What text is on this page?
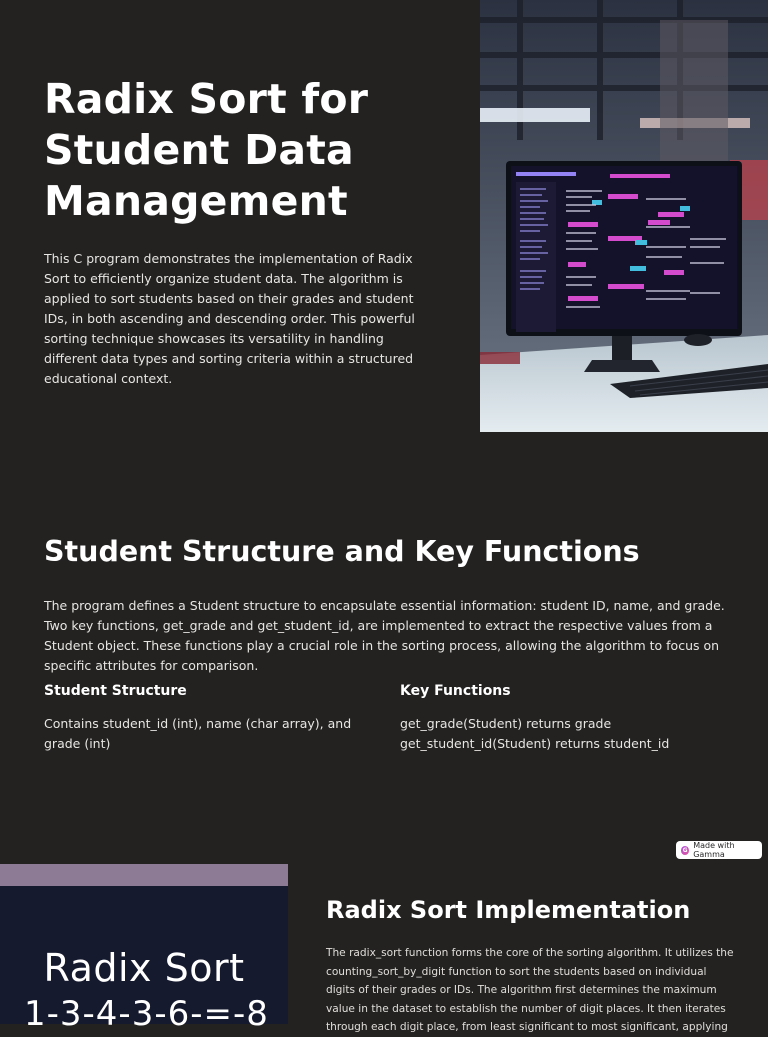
Radix Sort for Student Data Management

This C program demonstrates the implementation of Radix Sort to efficiently organize student data. The algorithm is applied to sort students based on their grades and student IDs, in both ascending and descending order. This powerful sorting technique showcases its versatility in handling different data types and sorting criteria within a structured educational context.

Student Structure and Key Functions

The program defines a Student structure to encapsulate essential information: student ID, name, and grade. Two key functions, get_grade and get_student_id, are implemented to extract the respective values from a Student object. These functions play a crucial role in the sorting process, allowing the algorithm to focus on specific attributes for comparison.

Student Structure
Contains student_id (int), name (char array), and grade (int)
Key Functions
get_grade(Student) returns grade
get_student_id(Student) returns student_id
G Made with Gamma
Radix Sort
1-3-4-3-6-=-8
Radix Sort Implementation

The radix_sort function forms the core of the sorting algorithm. It utilizes the counting_sort_by_digit function to sort the students based on individual digits of their grades or IDs. The algorithm first determines the maximum value in the dataset to establish the number of digit places. It then iterates through each digit place, from least significant to most significant, applying
